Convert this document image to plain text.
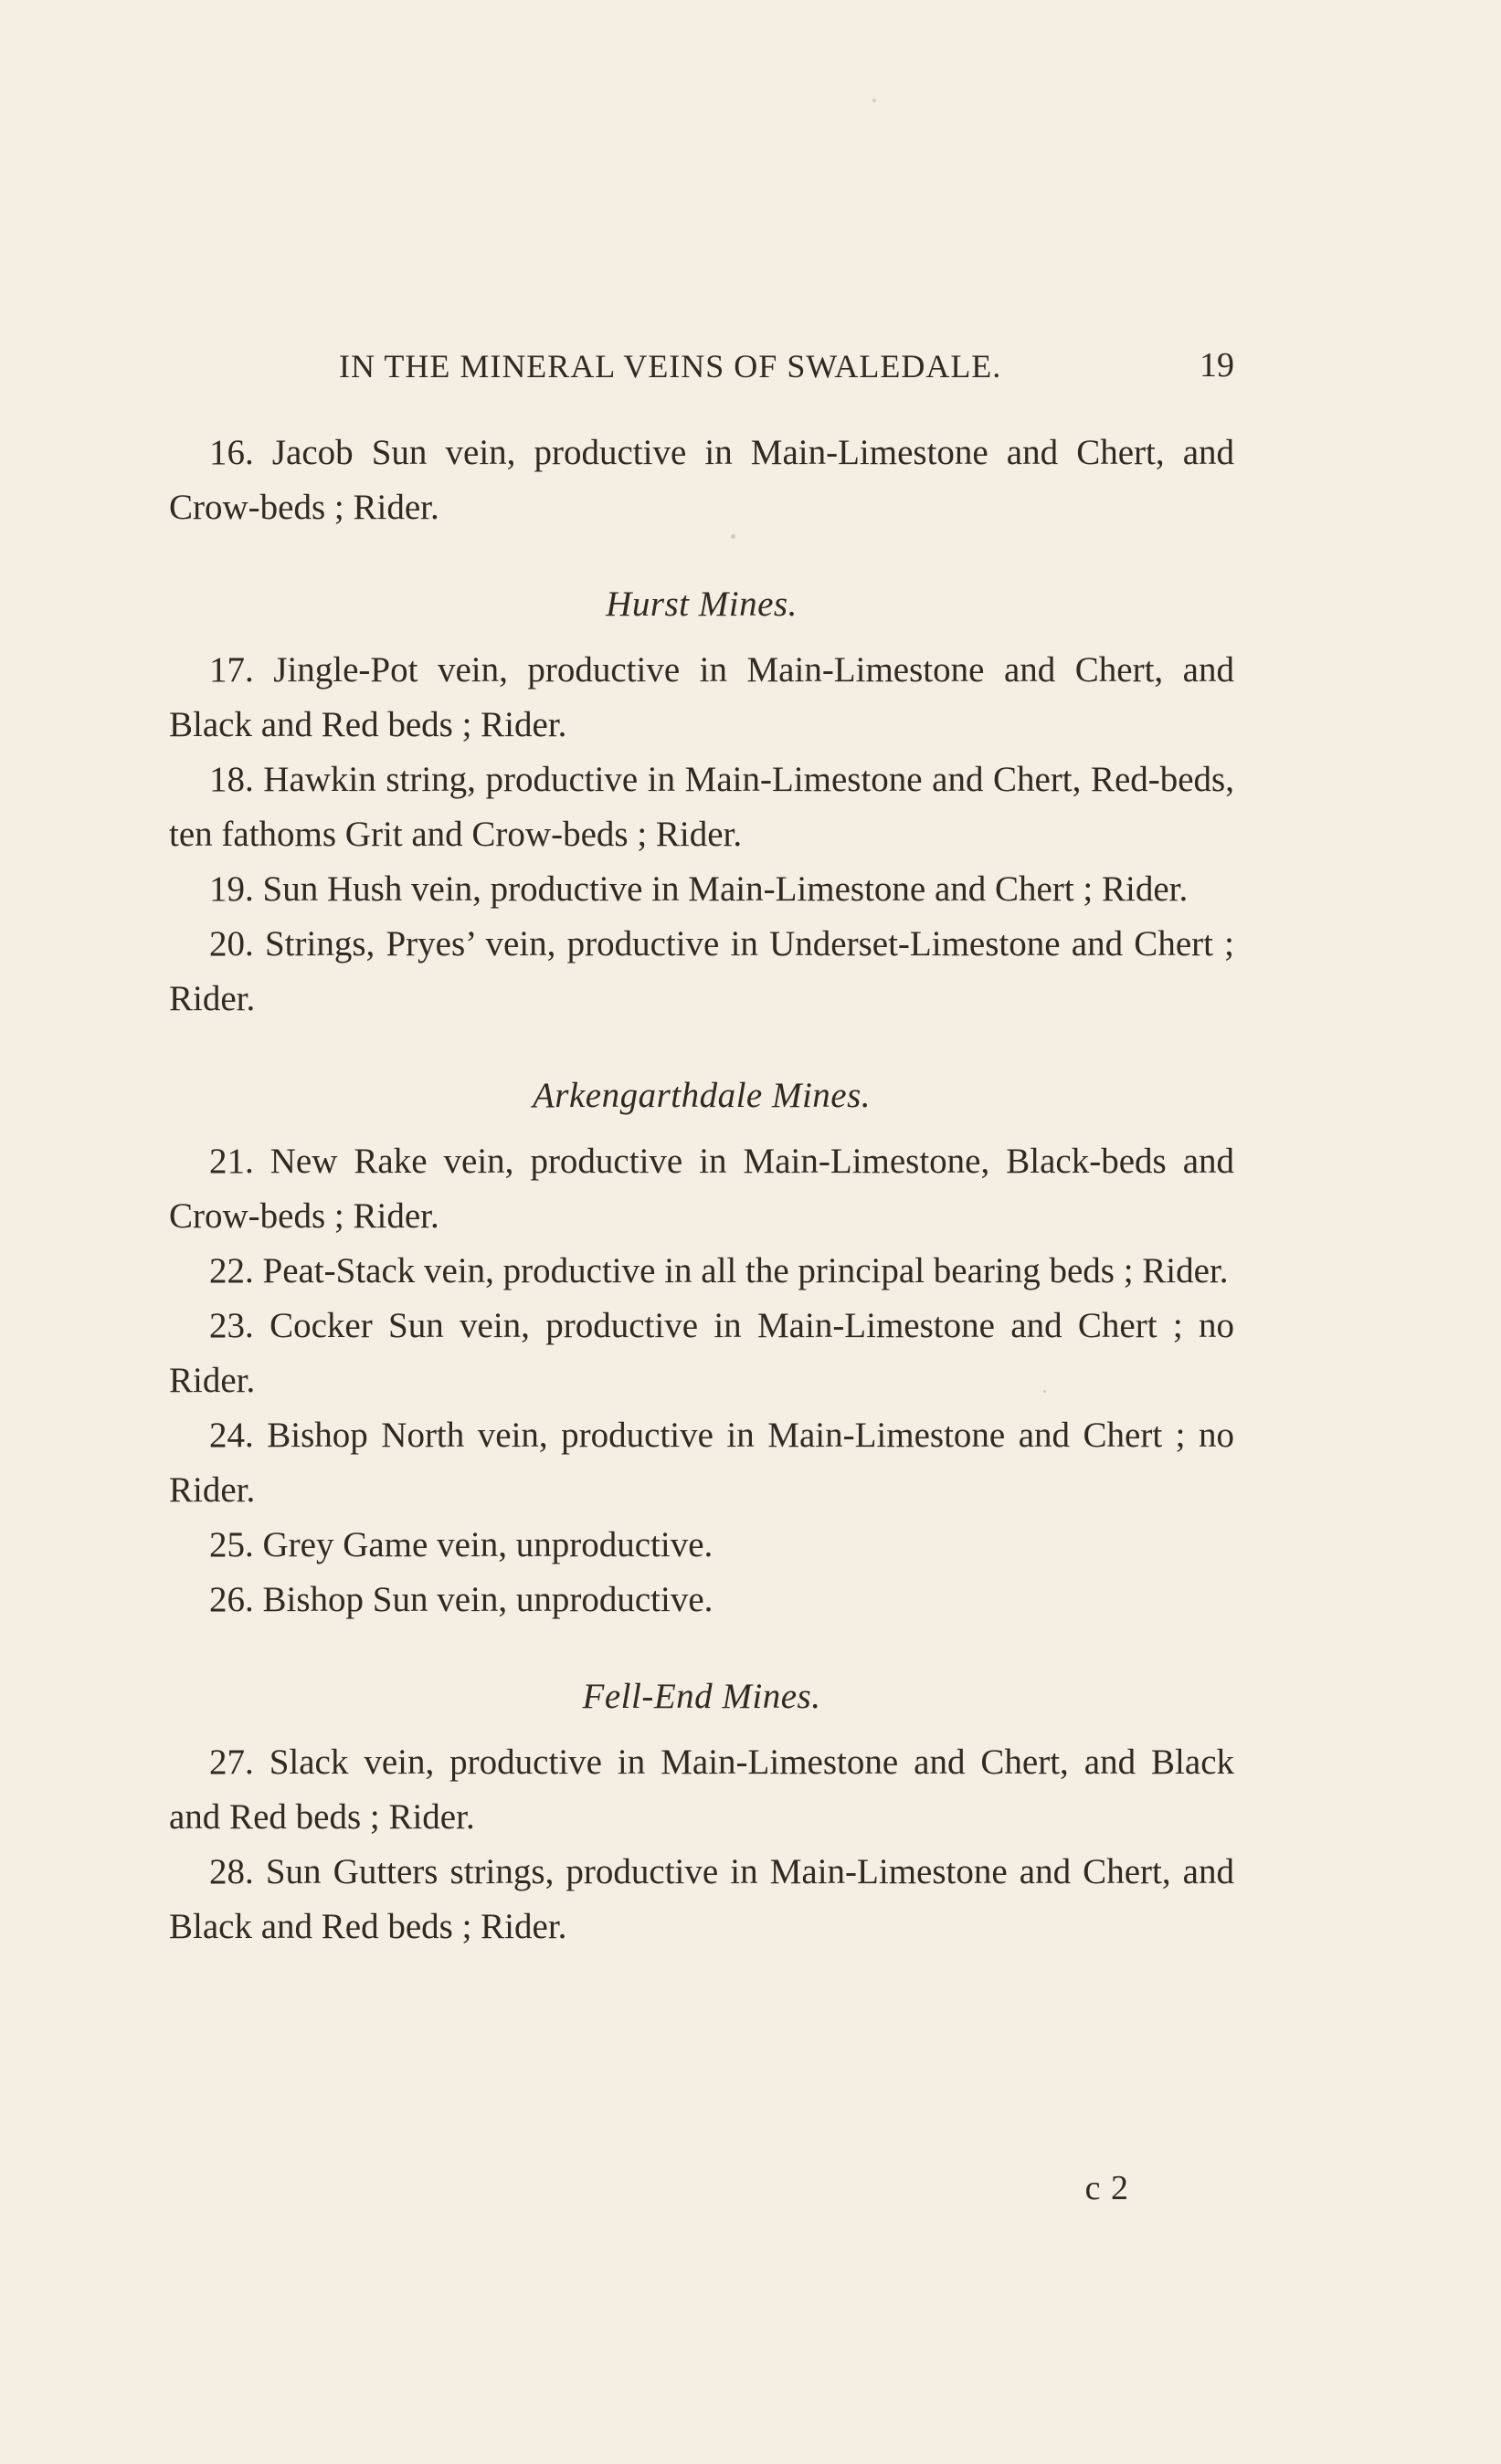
IN THE MINERAL VEINS OF SWALEDALE.	19

16. Jacob Sun vein, productive in Main-Limestone and Chert, and Crow-beds ; Rider.

Hurst Mines.

17. Jingle-Pot vein, productive in Main-Limestone and Chert, and Black and Red beds ; Rider.

18. Hawkin string, productive in Main-Limestone and Chert, Red-beds, ten fathoms Grit and Crow-beds ; Rider.

19. Sun Hush vein, productive in Main-Limestone and Chert ; Rider.

20. Strings, Pryes’ vein, productive in Underset-Limestone and Chert ; Rider.

Arkengarthdale Mines.

21. New Rake vein, productive in Main-Limestone, Black-beds and Crow-beds ; Rider.

22. Peat-Stack vein, productive in all the principal bearing beds ; Rider.

23. Cocker Sun vein, productive in Main-Limestone and Chert ; no Rider.

24. Bishop North vein, productive in Main-Limestone and Chert ; no Rider.

25. Grey Game vein, unproductive.

26. Bishop Sun vein, unproductive.

Fell-End Mines.

27. Slack vein, productive in Main-Limestone and Chert, and Black and Red beds ; Rider.

28. Sun Gutters strings, productive in Main-Limestone and Chert, and Black and Red beds ; Rider.

c 2
